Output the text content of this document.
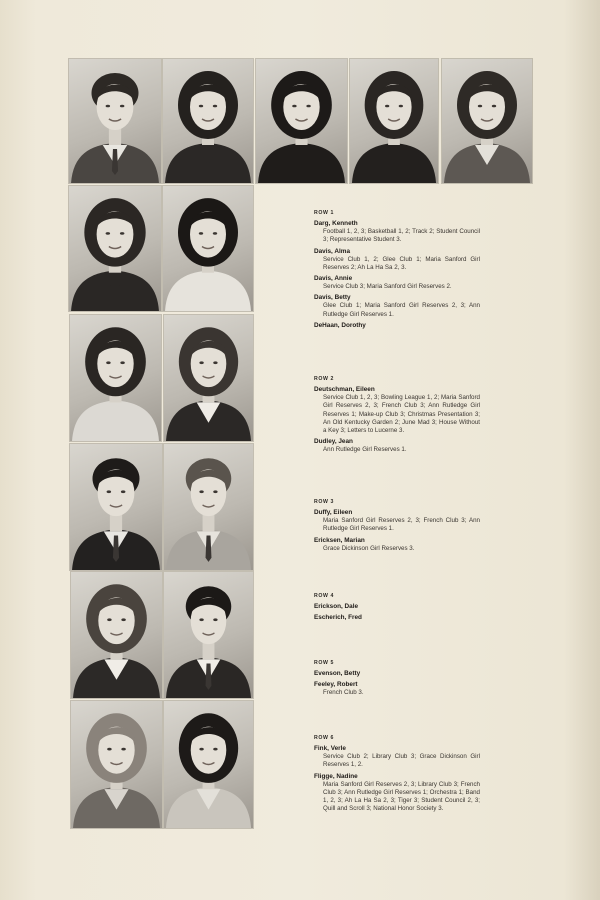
ROW 1
Darg, Kenneth
Football 1, 2, 3; Basketball 1, 2; Track 2; Student Council 3; Representative Student 3.
Davis, Alma
Service Club 1, 2; Glee Club 1; Maria Sanford Girl Reserves 2; Ah La Ha Sa 2, 3.
Davis, Annie
Service Club 3; Maria Sanford Girl Reserves 2.
Davis, Betty
Glee Club 1; Maria Sanford Girl Reserves 2, 3; Ann Rutledge Girl Reserves 1.
DeHaan, Dorothy
ROW 2
Deutschman, Eileen
Service Club 1, 2, 3; Bowling League 1, 2; Maria Sanford Girl Reserves 2, 3; French Club 3; Ann Rutledge Girl Reserves 1; Make-up Club 3; Christmas Presentation 3; An Old Kentucky Garden 2; June Mad 3; House Without a Key 3; Letters to Lucerne 3.
Dudley, Jean
Ann Rutledge Girl Reserves 1.
ROW 3
Duffy, Eileen
Maria Sanford Girl Reserves 2, 3; French Club 3; Ann Rutledge Girl Reserves 1.
Ericksen, Marian
Grace Dickinson Girl Reserves 3.
ROW 4
Erickson, Dale
Escherich, Fred
ROW 5
Evenson, Betty
Feeley, Robert
French Club 3.
ROW 6
Fink, Verle
Service Club 2; Library Club 3; Grace Dickinson Girl Reserves 1, 2.
Fligge, Nadine
Maria Sanford Girl Reserves 2, 3; Library Club 3; French Club 3; Ann Rutledge Girl Reserves 1; Orchestra 1; Band 1, 2, 3; Ah La Ha Sa 2, 3; Tiger 3; Student Council 2, 3; Quill and Scroll 3; National Honor Society 3.
